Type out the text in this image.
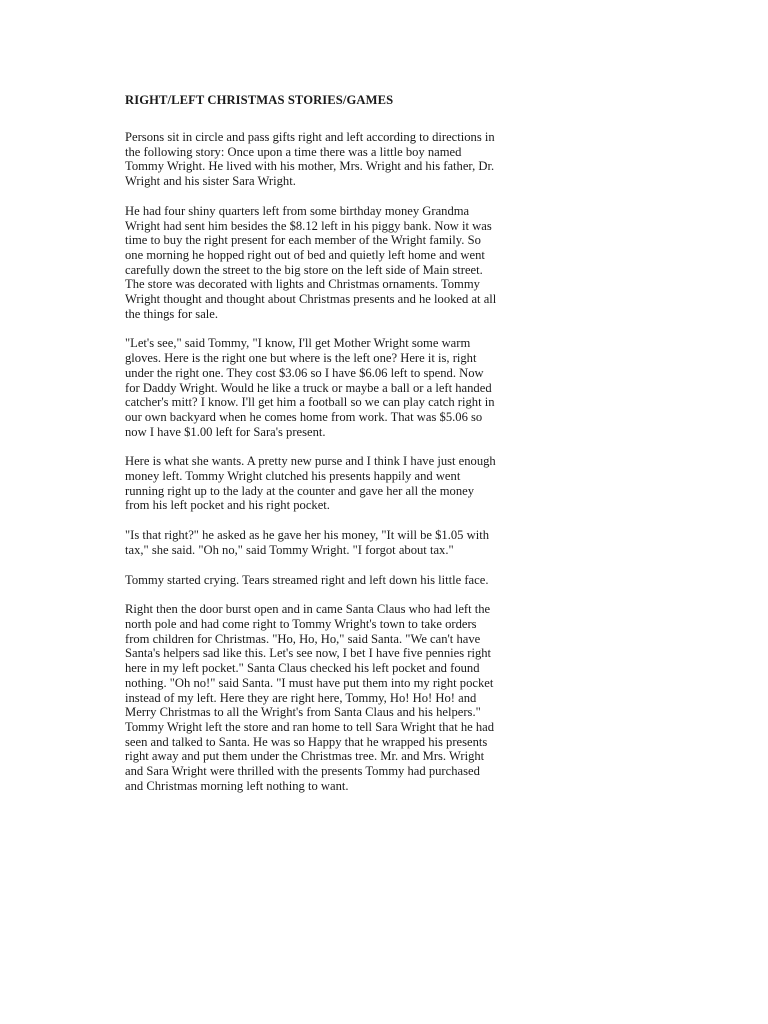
RIGHT/LEFT CHRISTMAS STORIES/GAMES
Persons sit in circle and pass gifts right and left according to directions in
the following story: Once upon a time there was a little boy named
Tommy Wright. He lived with his mother, Mrs. Wright and his father, Dr.
Wright and his sister Sara Wright.
He had four shiny quarters left from some birthday money Grandma
Wright had sent him besides the $8.12 left in his piggy bank. Now it was
time to buy the right present for each member of the Wright family. So
one morning he hopped right out of bed and quietly left home and went
carefully down the street to the big store on the left side of Main street.
The store was decorated with lights and Christmas ornaments. Tommy
Wright thought and thought about Christmas presents and he looked at all
the things for sale.
"Let's see," said Tommy, "I know, I'll get Mother Wright some warm
gloves. Here is the right one but where is the left one? Here it is, right
under the right one. They cost $3.06 so I have $6.06 left to spend. Now
for Daddy Wright. Would he like a truck or maybe a ball or a left handed
catcher's mitt? I know. I'll get him a football so we can play catch right in
our own backyard when he comes home from work. That was $5.06 so
now I have $1.00 left for Sara's present.
Here is what she wants. A pretty new purse and I think I have just enough
money left. Tommy Wright clutched his presents happily and went
running right up to the lady at the counter and gave her all the money
from his left pocket and his right pocket.
"Is that right?" he asked as he gave her his money, "It will be $1.05 with
tax," she said. "Oh no," said Tommy Wright. "I forgot about tax."
Tommy started crying. Tears streamed right and left down his little face.
Right then the door burst open and in came Santa Claus who had left the
north pole and had come right to Tommy Wright's town to take orders
from children for Christmas. "Ho, Ho, Ho," said Santa. "We can't have
Santa's helpers sad like this. Let's see now, I bet I have five pennies right
here in my left pocket." Santa Claus checked his left pocket and found
nothing. "Oh no!" said Santa. "I must have put them into my right pocket
instead of my left. Here they are right here, Tommy, Ho! Ho! Ho! and
Merry Christmas to all the Wright's from Santa Claus and his helpers."
Tommy Wright left the store and ran home to tell Sara Wright that he had
seen and talked to Santa. He was so Happy that he wrapped his presents
right away and put them under the Christmas tree. Mr. and Mrs. Wright
and Sara Wright were thrilled with the presents Tommy had purchased
and Christmas morning left nothing to want.
